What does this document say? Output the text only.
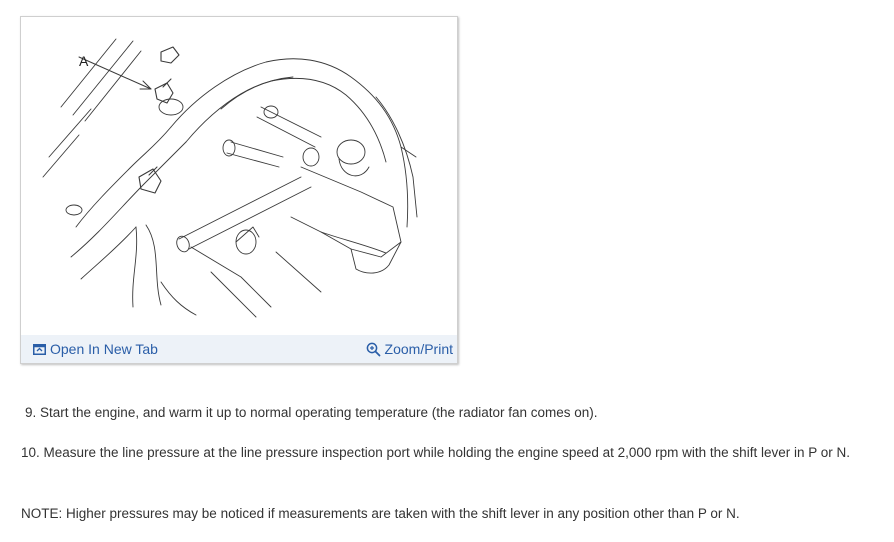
A
Open In New Tab	Zoom/Print

9. Start the engine, and warm it up to normal operating temperature (the radiator fan comes on).

10. Measure the line pressure at the line pressure inspection port while holding the engine speed at 2,000 rpm with the shift lever in P or N.

NOTE: Higher pressures may be noticed if measurements are taken with the shift lever in any position other than P or N.
